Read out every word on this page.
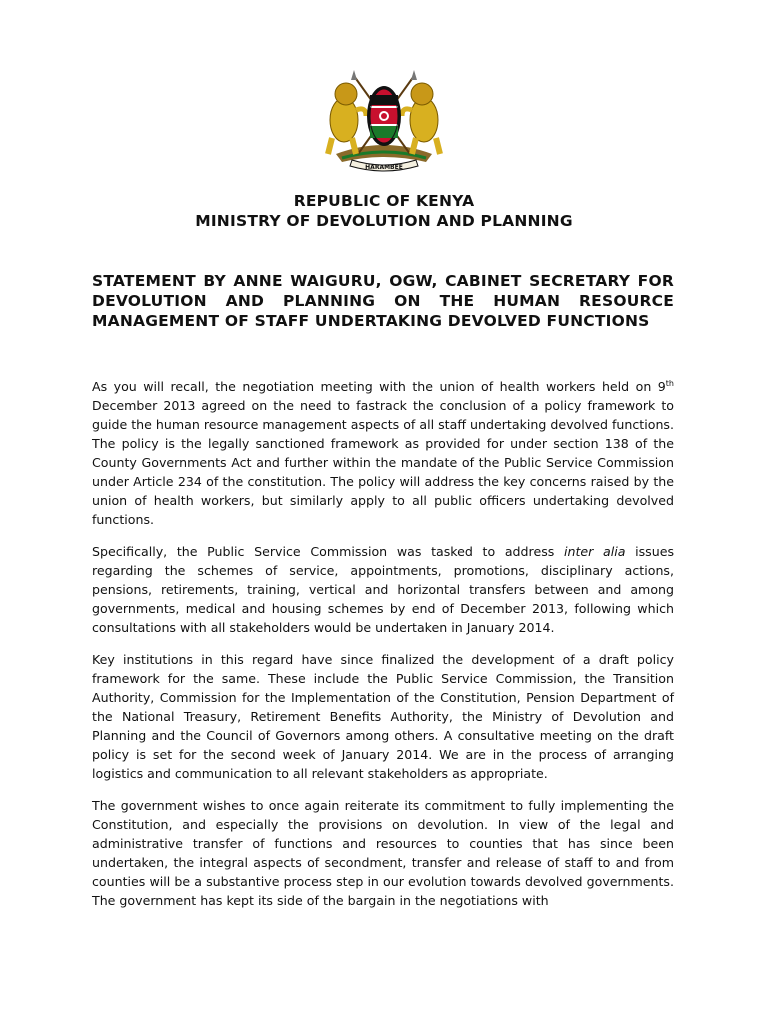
HARAMBEE
REPUBLIC OF KENYA
MINISTRY OF DEVOLUTION AND PLANNING
STATEMENT BY ANNE WAIGURU, OGW, CABINET SECRETARY FOR DEVOLUTION AND PLANNING ON THE HUMAN RESOURCE MANAGEMENT OF STAFF UNDERTAKING DEVOLVED FUNCTIONS

As you will recall, the negotiation meeting with the union of health workers held on 9th December 2013 agreed on the need to fastrack the conclusion of a policy framework to guide the human resource management aspects of all staff undertaking devolved functions. The policy is the legally sanctioned framework as provided for under section 138 of the County Governments Act and further within the mandate of the Public Service Commission under Article 234 of the constitution. The policy will address the key concerns raised by the union of health workers, but similarly apply to all public officers undertaking devolved functions.

Specifically, the Public Service Commission was tasked to address inter alia issues regarding the schemes of service, appointments, promotions, disciplinary actions, pensions, retirements, training, vertical and horizontal transfers between and among governments, medical and housing schemes by end of December 2013, following which consultations with all stakeholders would be undertaken in January 2014.

Key institutions in this regard have since finalized the development of a draft policy framework for the same. These include the Public Service Commission, the Transition Authority, Commission for the Implementation of the Constitution, Pension Department of the National Treasury, Retirement Benefits Authority, the Ministry of Devolution and Planning and the Council of Governors among others. A consultative meeting on the draft policy is set for the second week of January 2014. We are in the process of arranging logistics and communication to all relevant stakeholders as appropriate.

The government wishes to once again reiterate its commitment to fully implementing the Constitution, and especially the provisions on devolution. In view of the legal and administrative transfer of functions and resources to counties that has since been undertaken, the integral aspects of secondment, transfer and release of staff to and from counties will be a substantive process step in our evolution towards devolved governments. The government has kept its side of the bargain in the negotiations with
